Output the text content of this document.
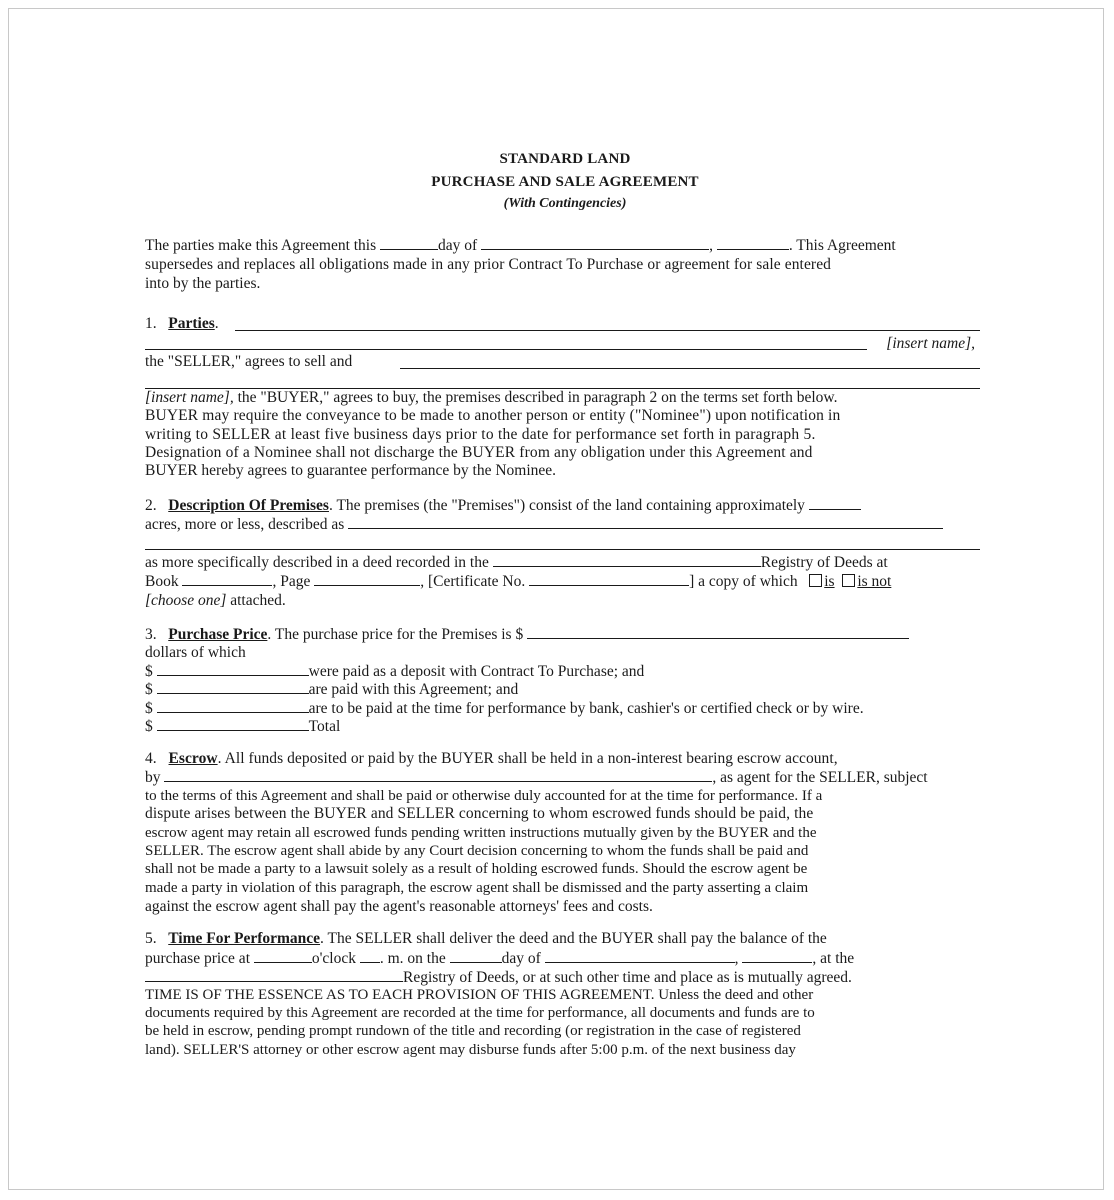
STANDARD LAND
PURCHASE AND SALE AGREEMENT
(With Contingencies)
The parties make this Agreement this	day of	,	. This Agreement
supersedes and replaces all obligations made in any prior Contract To Purchase or agreement for sale entered
into by the parties.
1. Parties.
[insert name],
the "SELLER," agrees to sell and
[insert name], the "BUYER," agrees to buy, the premises described in paragraph 2 on the terms set forth below.
BUYER may require the conveyance to be made to another person or entity ("Nominee") upon notification in
writing to SELLER at least five business days prior to the date for performance set forth in paragraph 5.
Designation of a Nominee shall not discharge the BUYER from any obligation under this Agreement and
BUYER hereby agrees to guarantee performance by the Nominee.
2. Description Of Premises. The premises (the "Premises") consist of the land containing approximately
acres, more or less, described as
as more specifically described in a deed recorded in the	Registry of Deeds at
Book	, Page	, [Certificate No.	] a copy of which is is not
[choose one] attached.
3. Purchase Price. The purchase price for the Premises is $
dollars of which
$	were paid as a deposit with Contract To Purchase; and
$	are paid with this Agreement; and
$	are to be paid at the time for performance by bank, cashier's or certified check or by wire.
$	Total
4. Escrow. All funds deposited or paid by the BUYER shall be held in a non-interest bearing escrow account,
by	, as agent for the SELLER, subject
to the terms of this Agreement and shall be paid or otherwise duly accounted for at the time for performance. If a
dispute arises between the BUYER and SELLER concerning to whom escrowed funds should be paid, the
escrow agent may retain all escrowed funds pending written instructions mutually given by the BUYER and the
SELLER. The escrow agent shall abide by any Court decision concerning to whom the funds shall be paid and
shall not be made a party to a lawsuit solely as a result of holding escrowed funds. Should the escrow agent be
made a party in violation of this paragraph, the escrow agent shall be dismissed and the party asserting a claim
against the escrow agent shall pay the agent's reasonable attorneys' fees and costs.
5. Time For Performance. The SELLER shall deliver the deed and the BUYER shall pay the balance of the
purchase price at	o'clock . m. on the	day of	,	, at the
Registry of Deeds, or at such other time and place as is mutually agreed.
TIME IS OF THE ESSENCE AS TO EACH PROVISION OF THIS AGREEMENT. Unless the deed and other
documents required by this Agreement are recorded at the time for performance, all documents and funds are to
be held in escrow, pending prompt rundown of the title and recording (or registration in the case of registered
land). SELLER'S attorney or other escrow agent may disburse funds after 5:00 p.m. of the next business day
